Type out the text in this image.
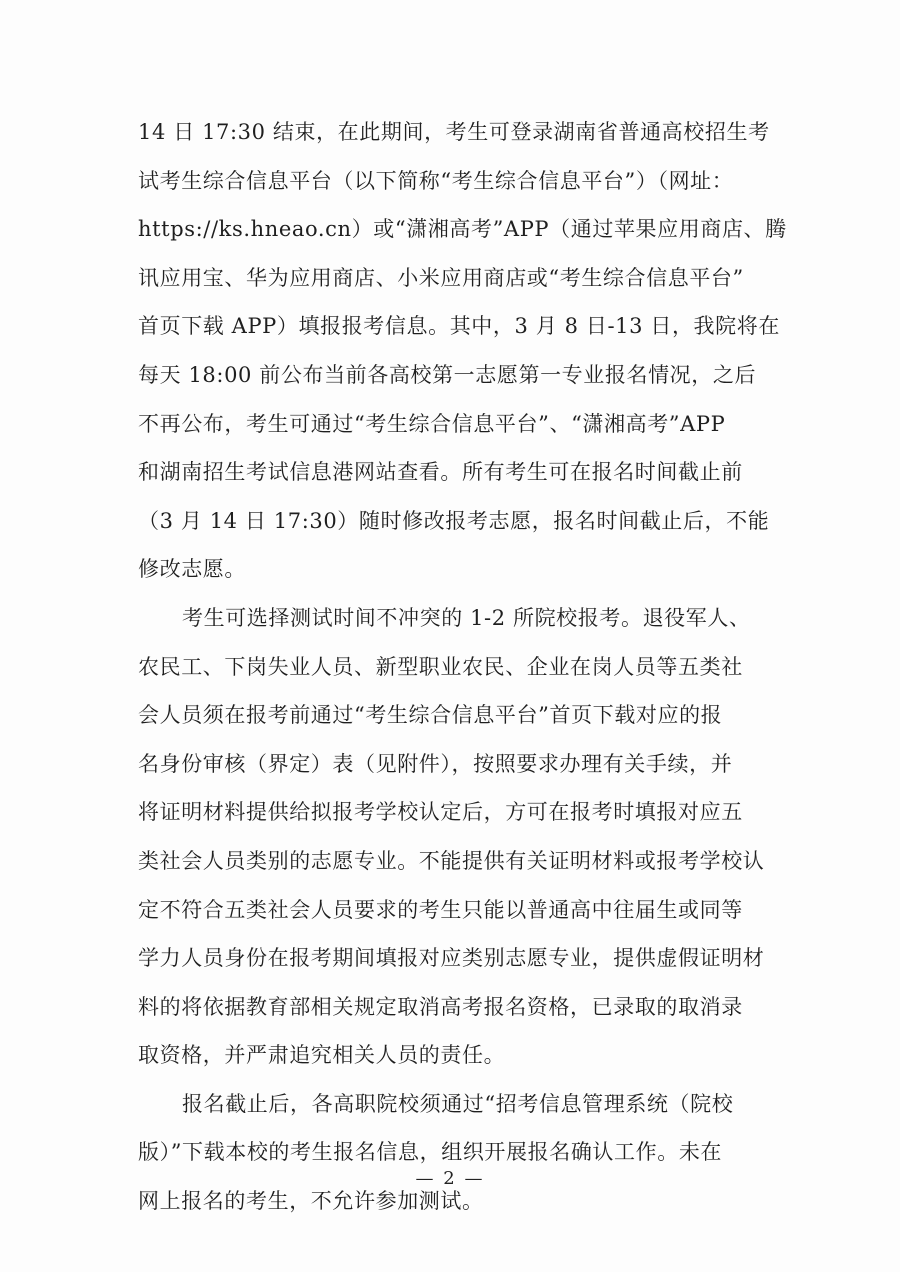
14 日 17:30 结束，在此期间，考生可登录湖南省普通高校招生考
试考生综合信息平台（以下简称“考生综合信息平台”）（网址：
https://ks.hneao.cn）或“潇湘高考”APP（通过苹果应用商店、腾
讯应用宝、华为应用商店、小米应用商店或“考生综合信息平台”
首页下载 APP）填报报考信息。其中，3 月 8 日-13 日，我院将在
每天 18:00 前公布当前各高校第一志愿第一专业报名情况，之后
不再公布，考生可通过“考生综合信息平台”、“潇湘高考”APP
和湖南招生考试信息港网站查看。所有考生可在报名时间截止前
（3 月 14 日 17:30）随时修改报考志愿，报名时间截止后，不能
修改志愿。
考生可选择测试时间不冲突的 1-2 所院校报考。退役军人、
农民工、下岗失业人员、新型职业农民、企业在岗人员等五类社
会人员须在报考前通过“考生综合信息平台”首页下载对应的报
名身份审核（界定）表（见附件），按照要求办理有关手续，并
将证明材料提供给拟报考学校认定后，方可在报考时填报对应五
类社会人员类别的志愿专业。不能提供有关证明材料或报考学校认
定不符合五类社会人员要求的考生只能以普通高中往届生或同等
学力人员身份在报考期间填报对应类别志愿专业，提供虚假证明材
料的将依据教育部相关规定取消高考报名资格，已录取的取消录
取资格，并严肃追究相关人员的责任。
报名截止后，各高职院校须通过“招考信息管理系统（院校
版）”下载本校的考生报名信息，组织开展报名确认工作。未在
网上报名的考生，不允许参加测试。
— 2 —
